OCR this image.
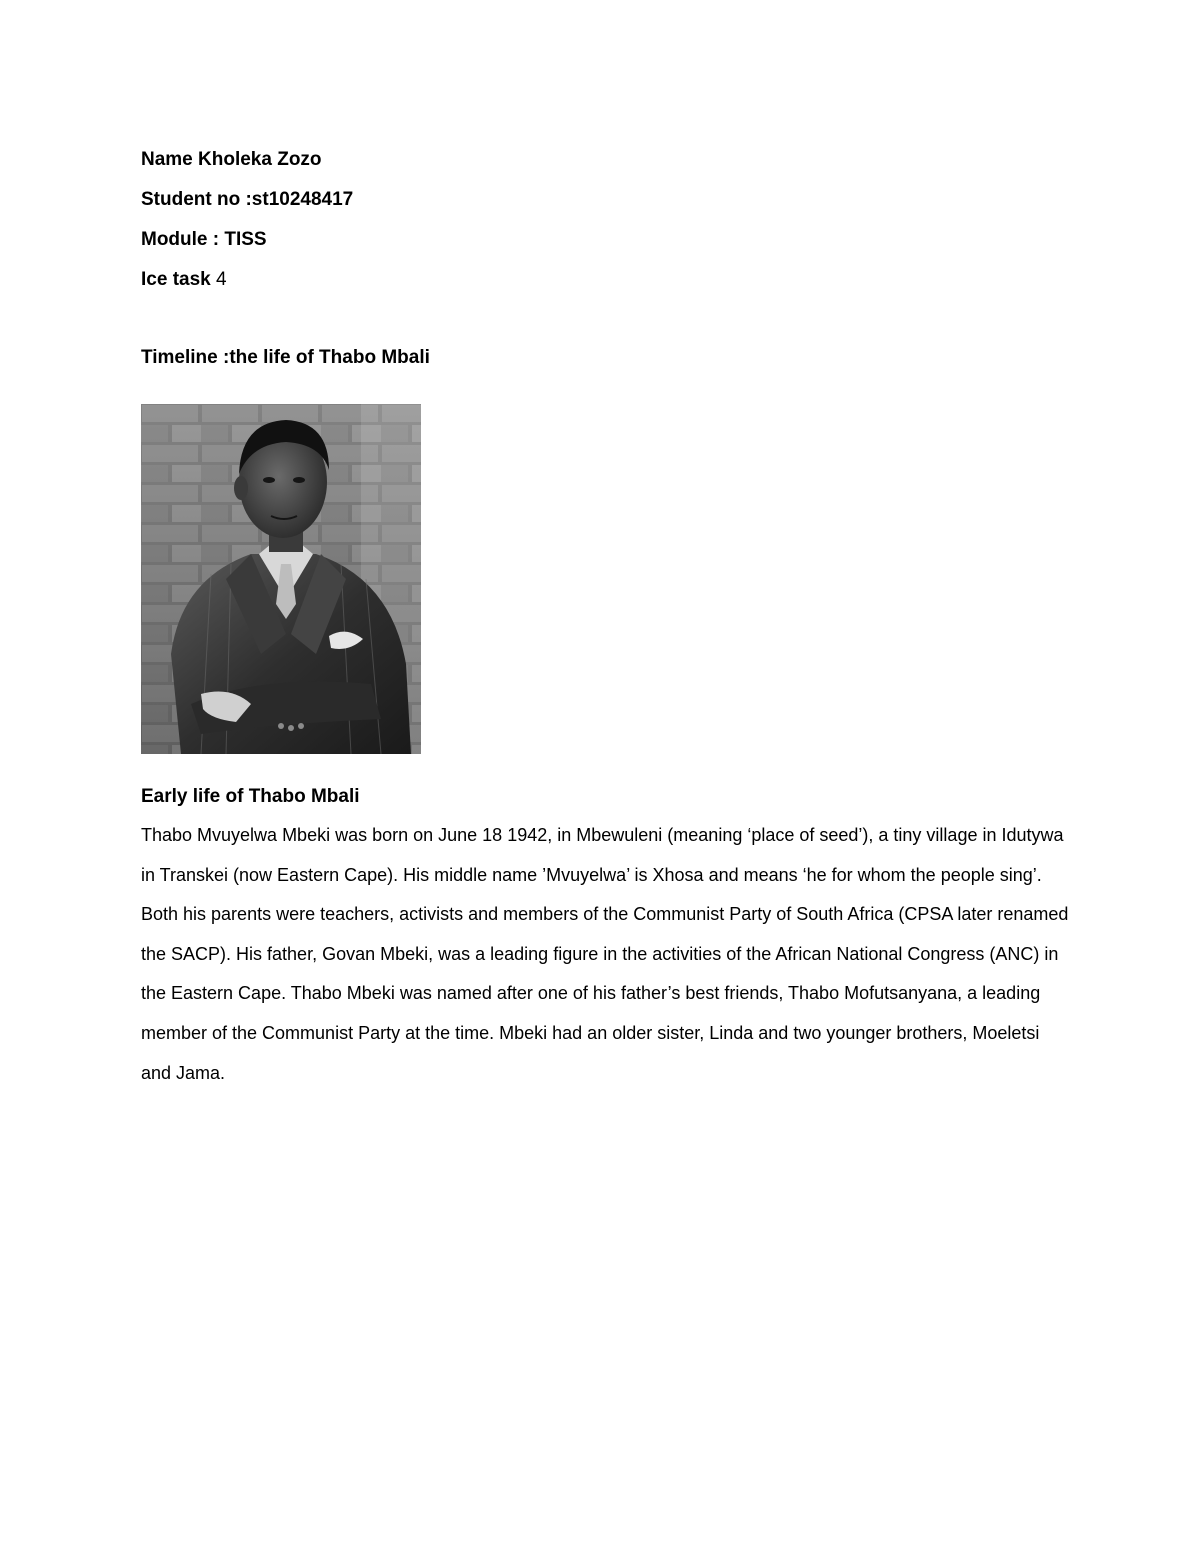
Name Kholeka Zozo
Student no :st10248417
Module : TISS
Ice task 4
Timeline :the life of Thabo Mbali
Early life of Thabo Mbali

Thabo Mvuyelwa Mbeki was born on June 18 1942, in Mbewuleni (meaning ‘place of seed’), a tiny village in Idutywa in Transkei (now Eastern Cape). His middle name ’Mvuyelwa’ is Xhosa and means ‘he for whom the people sing’. Both his parents were teachers, activists and members of the Communist Party of South Africa (CPSA later renamed the SACP). His father, Govan Mbeki, was a leading figure in the activities of the African National Congress (ANC) in the Eastern Cape. Thabo Mbeki was named after one of his father’s best friends, Thabo Mofutsanyana, a leading member of the Communist Party at the time. Mbeki had an older sister, Linda and two younger brothers, Moeletsi and Jama.
